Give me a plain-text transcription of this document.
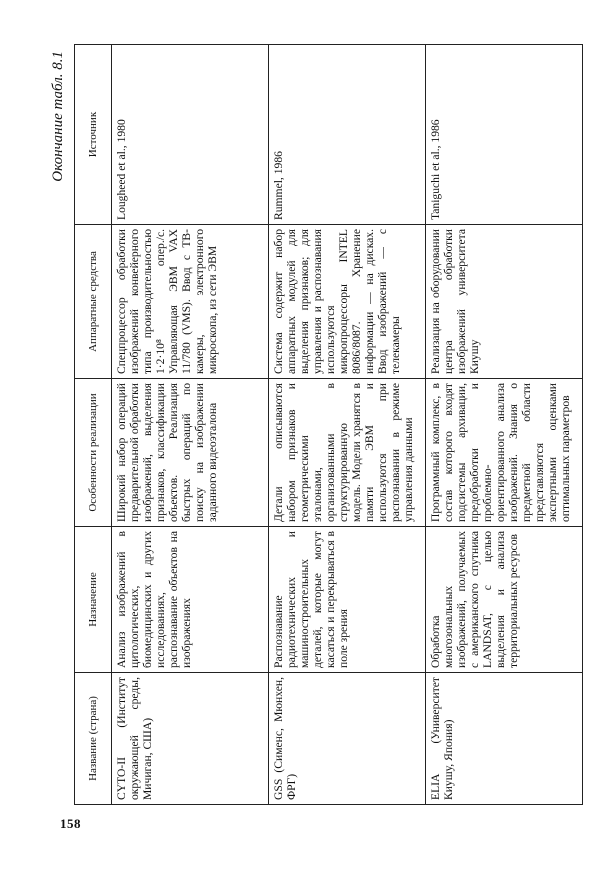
158
Окончание табл. 8.1
Название (страна)	Назначение	Особенности реализации	Аппаратные средства	Источник
CYTO-II (Институт окружающей среды, Мичиган, США)	Анализ изображений в цитологических, биомедицинских и других исследованиях, распознавание объектов на изображениях	Широкий набор операций предварительной обработки изображений, выделения признаков, классификации объектов. Реализация быстрых операций по поиску на изображении заданного видеоэталона	Спецпроцессор обработки изображений конвейерного типа производительностью 1·2·10⁸ опер./с. Управляющая ЭВМ VAX 11/780 (VMS). Ввод с ТВ-камеры, электронного микроскопа, из сети ЭВМ	Lougheed et al., 1980
GSS (Сименс, Мюнхен, ФРГ)	Распознавание радиотехнических и машиностроительных деталей, которые могут касаться и перекрываться в поле зрения	Детали описываются набором признаков и геометрическими эталонами, организованными в структурированную модель. Модели хранятся в памяти ЭВМ и используются при распознавании в режиме управления данными	Система содержит набор аппаратных модулей для выделения признаков; для управления и распознавания используются микропроцессоры INTEL 8086/8087. Хранение информации — на дисках. Ввод изображений — с телекамеры	Rummel, 1986
ELIA (Университет Киушу, Япония)	Обработка многозональных изображений, получаемых с американского спутника LANDSAT, с целью выделения и анализа территориальных ресурсов	Программный комплекс, в состав которого входят подсистемы архивации, предобработки и проблемно-ориентированного анализа изображений. Знания о предметной области представляются экспертными оценками оптимальных параметров	Реализация на оборудовании центра обработки изображений университета Киушу	Taniguchi et al., 1986
